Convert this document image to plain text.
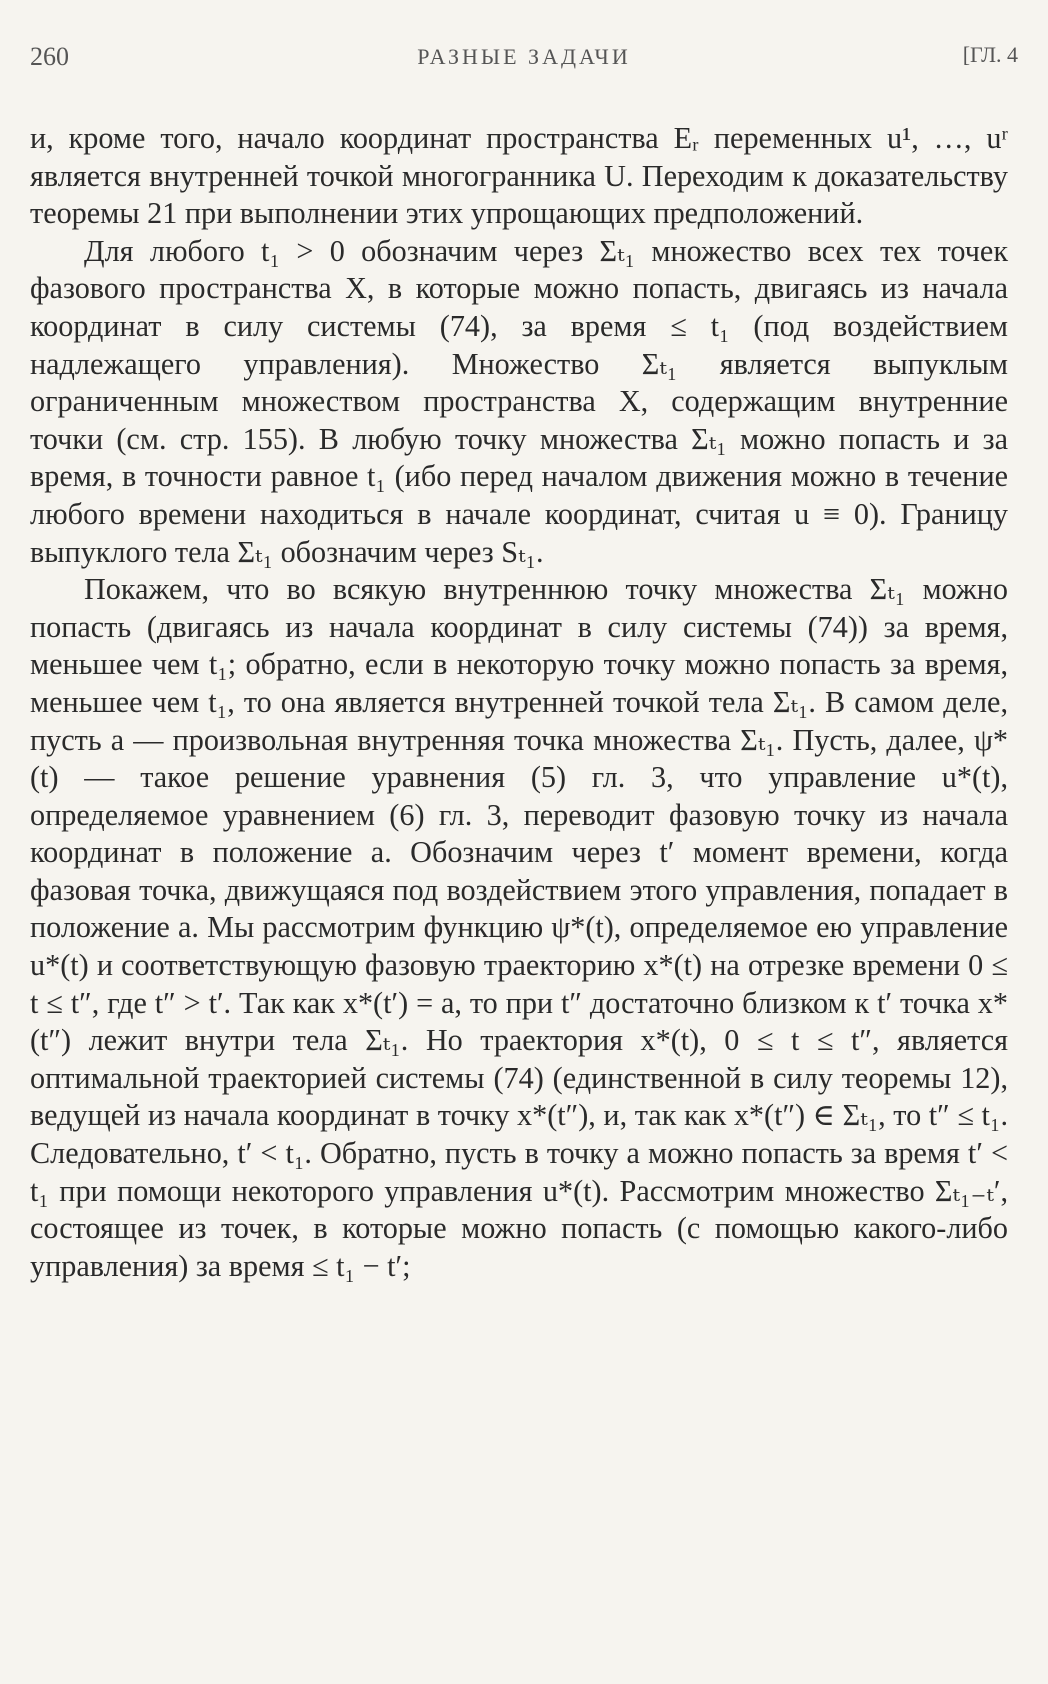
260	РАЗНЫЕ ЗАДАЧИ	[ГЛ. 4

и, кроме того, начало координат пространства Eᵣ переменных u¹, …, uʳ является внутренней точкой многогранника U. Переходим к доказательству теоремы 21 при выполнении этих упрощающих предположений.

Для любого t₁ > 0 обозначим через Σₜ₁ множество всех тех точек фазового пространства X, в которые можно попасть, двигаясь из начала координат в силу системы (74), за время ≤ t₁ (под воздействием надлежащего управления). Множество Σₜ₁ является выпуклым ограниченным множеством пространства X, содержащим внутренние точки (см. стр. 155). В любую точку множества Σₜ₁ можно попасть и за время, в точности равное t₁ (ибо перед началом движения можно в течение любого времени находиться в начале координат, считая u ≡ 0). Границу выпуклого тела Σₜ₁ обозначим через Sₜ₁.

Покажем, что во всякую внутреннюю точку множества Σₜ₁ можно попасть (двигаясь из начала координат в силу системы (74)) за время, меньшее чем t₁; обратно, если в некоторую точку можно попасть за время, меньшее чем t₁, то она является внутренней точкой тела Σₜ₁. В самом деле, пусть a — произвольная внутренняя точка множества Σₜ₁. Пусть, далее, ψ*(t) — такое решение уравнения (5) гл. 3, что управление u*(t), определяемое уравнением (6) гл. 3, переводит фазовую точку из начала координат в положение a. Обозначим через t′ момент времени, когда фазовая точка, движущаяся под воздействием этого управления, попадает в положение a. Мы рассмотрим функцию ψ*(t), определяемое ею управление u*(t) и соответствующую фазовую траекторию x*(t) на отрезке времени 0 ≤ t ≤ t″, где t″ > t′. Так как x*(t′) = a, то при t″ достаточно близком к t′ точка x*(t″) лежит внутри тела Σₜ₁. Но траектория x*(t), 0 ≤ t ≤ t″, является оптимальной траекторией системы (74) (единственной в силу теоремы 12), ведущей из начала координат в точку x*(t″), и, так как x*(t″) ∈ Σₜ₁, то t″ ≤ t₁. Следовательно, t′ < t₁. Обратно, пусть в точку a можно попасть за время t′ < t₁ при помощи некоторого управления u*(t). Рассмотрим множество Σₜ₁₋ₜ′, состоящее из точек, в которые можно попасть (с помощью какого-либо управления) за время ≤ t₁ − t′;
